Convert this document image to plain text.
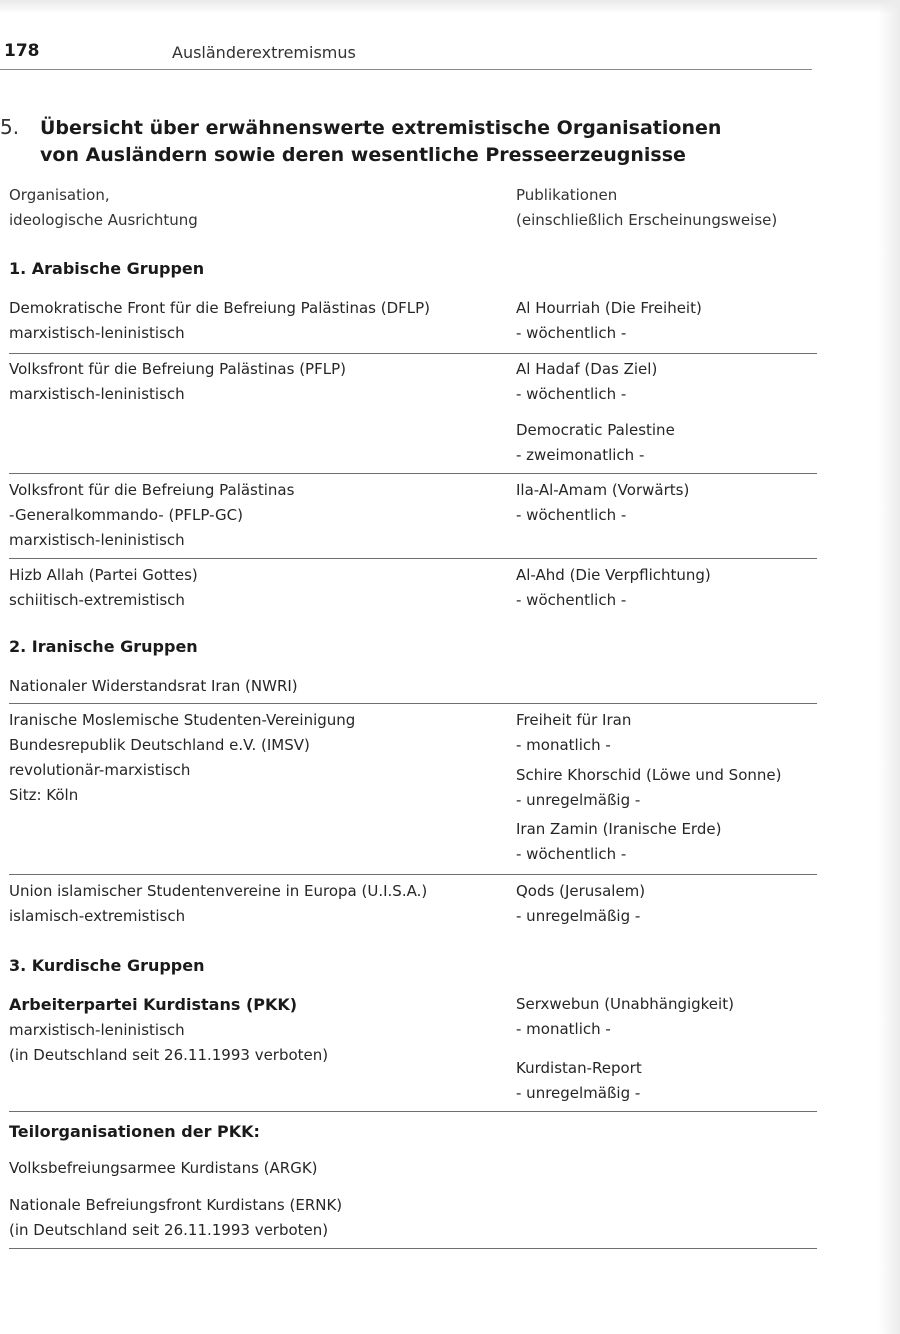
178	Ausländerextremismus
5. Übersicht über erwähnenswerte extremistische Organisationen
von Ausländern sowie deren wesentliche Presseerzeugnisse
Organisation,
ideologische Ausrichtung
Publikationen
(einschließlich Erscheinungsweise)
1. Arabische Gruppen
Demokratische Front für die Befreiung Palästinas (DFLP)
marxistisch-leninistisch
Al Hourriah (Die Freiheit)
- wöchentlich -
Volksfront für die Befreiung Palästinas (PFLP)
marxistisch-leninistisch
Al Hadaf (Das Ziel)
- wöchentlich -
Democratic Palestine
- zweimonatlich -
Volksfront für die Befreiung Palästinas
-Generalkommando- (PFLP-GC)
marxistisch-leninistisch
Ila-Al-Amam (Vorwärts)
- wöchentlich -
Hizb Allah (Partei Gottes)
schiitisch-extremistisch
Al-Ahd (Die Verpflichtung)
- wöchentlich -
2. Iranische Gruppen
Nationaler Widerstandsrat Iran (NWRI)
Iranische Moslemische Studenten-Vereinigung
Bundesrepublik Deutschland e.V. (IMSV)
revolutionär-marxistisch
Sitz: Köln
Freiheit für Iran
- monatlich -
Schire Khorschid (Löwe und Sonne)
- unregelmäßig -
Iran Zamin (Iranische Erde)
- wöchentlich -
Union islamischer Studentenvereine in Europa (U.I.S.A.)
islamisch-extremistisch
Qods (Jerusalem)
- unregelmäßig -
3. Kurdische Gruppen
Arbeiterpartei Kurdistans (PKK)
marxistisch-leninistisch
(in Deutschland seit 26.11.1993 verboten)
Serxwebun (Unabhängigkeit)
- monatlich -
Kurdistan-Report
- unregelmäßig -
Teilorganisationen der PKK:
Volksbefreiungsarmee Kurdistans (ARGK)
Nationale Befreiungsfront Kurdistans (ERNK)
(in Deutschland seit 26.11.1993 verboten)
